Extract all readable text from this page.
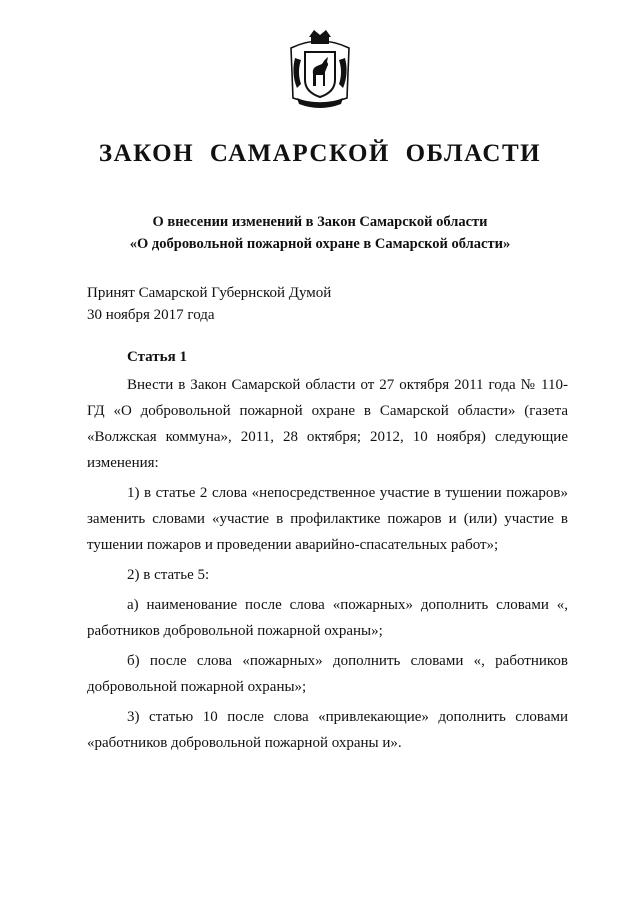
ЗАКОН САМАРСКОЙ ОБЛАСТИ
О внесении изменений в Закон Самарской области
«О добровольной пожарной охране в Самарской области»
Принят Самарской Губернской Думой
30 ноября 2017 года
Статья 1

Внести в Закон Самарской области от 27 октября 2011 года № 110-ГД «О добровольной пожарной охране в Самарской области» (газета «Волжская коммуна», 2011, 28 октября; 2012, 10 ноября) следующие изменения:

1) в статье 2 слова «непосредственное участие в тушении пожаров» заменить словами «участие в профилактике пожаров и (или) участие в тушении пожаров и проведении аварийно-спасательных работ»;

2) в статье 5:

а) наименование после слова «пожарных» дополнить словами «, работников добровольной пожарной охраны»;

б) после слова «пожарных» дополнить словами «, работников добровольной пожарной охраны»;

3) статью 10 после слова «привлекающие» дополнить словами «работников добровольной пожарной охраны и».
